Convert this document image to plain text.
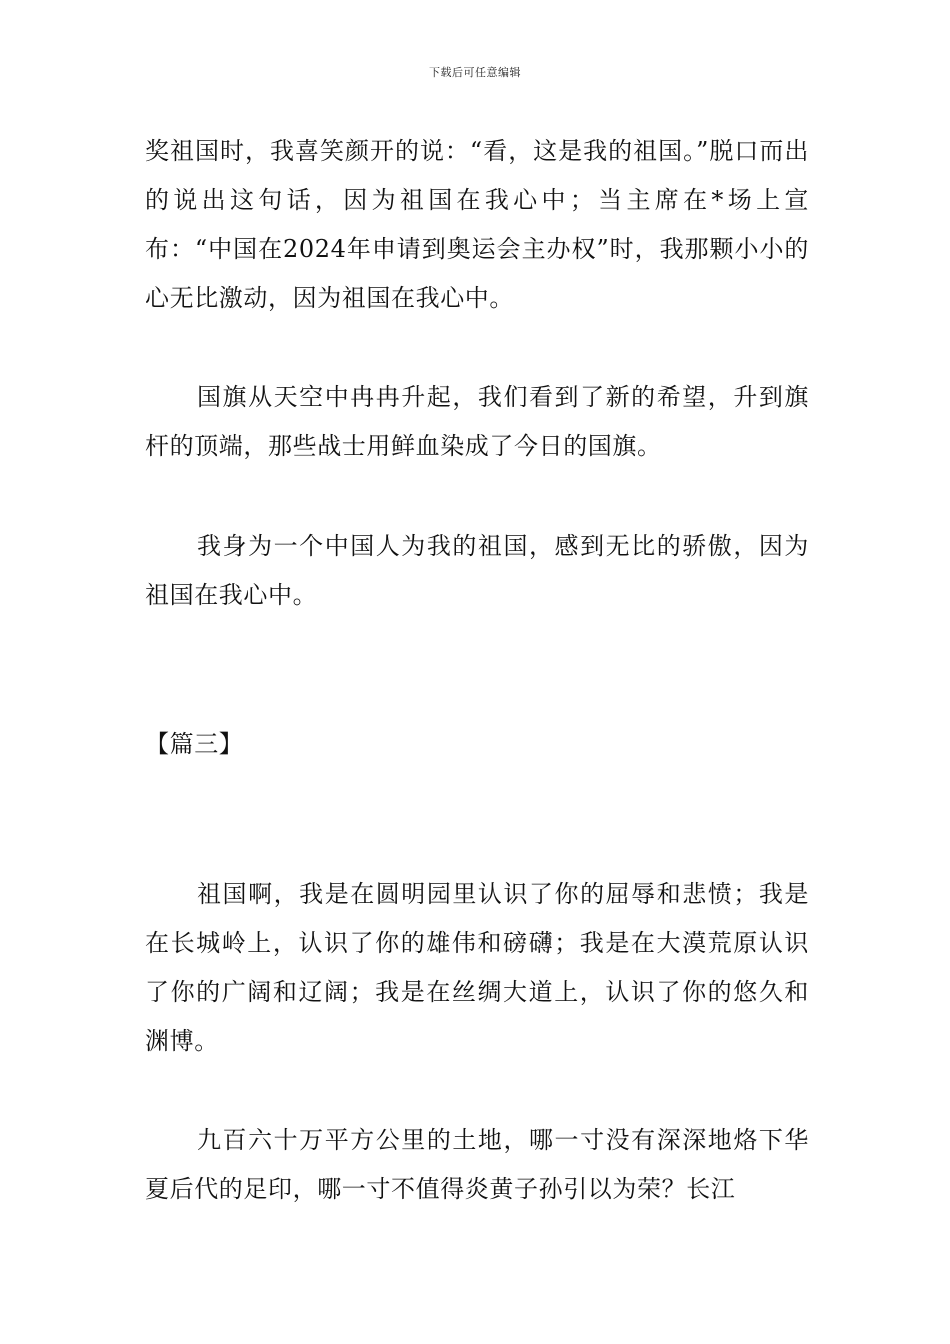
下载后可任意编辑

奖祖国时，我喜笑颜开的说：“看，这是我的祖国。”脱口而出的说出这句话，因为祖国在我心中；当主席在*场上宣布：“中国在2024年申请到奥运会主办权”时，我那颗小小的心无比激动，因为祖国在我心中。

国旗从天空中冉冉升起，我们看到了新的希望，升到旗杆的顶端，那些战士用鲜血染成了今日的国旗。

我身为一个中国人为我的祖国，感到无比的骄傲，因为祖国在我心中。

【篇三】

祖国啊，我是在圆明园里认识了你的屈辱和悲愤；我是在长城岭上，认识了你的雄伟和磅礴；我是在大漠荒原认识了你的广阔和辽阔；我是在丝绸大道上，认识了你的悠久和渊博。

九百六十万平方公里的土地，哪一寸没有深深地烙下华夏后代的足印，哪一寸不值得炎黄子孙引以为荣？长江
